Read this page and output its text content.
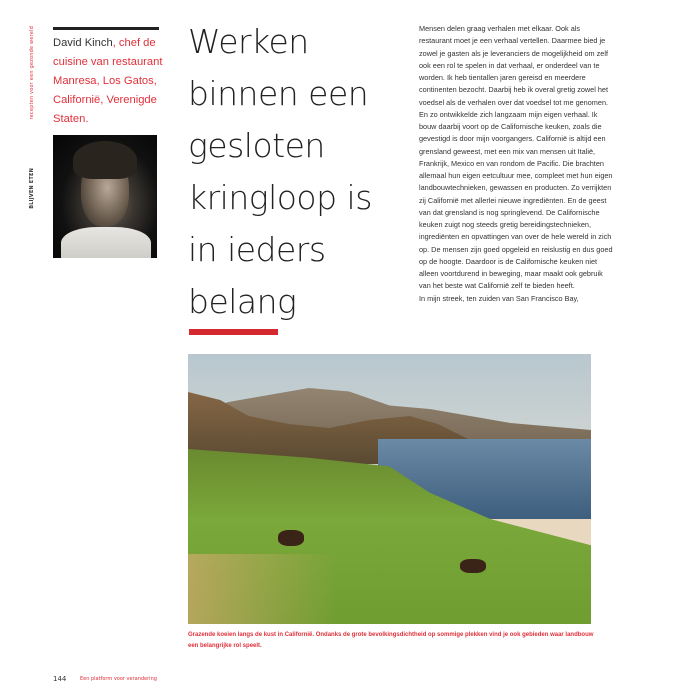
recepten voor een gezonde wereld
BLIJVEN ETEN
David Kinch, chef de cuisine van restaurant Manresa, Los Gatos, Californië, Verenigde Staten.
Werken binnen een gesloten kringloop is in ieders belang
Mensen delen graag verhalen met elkaar. Ook als restaurant moet je een verhaal vertellen. Daarmee bied je zowel je gasten als je leveranciers de mogelijkheid om zelf ook een rol te spelen in dat verhaal, er onderdeel van te worden. Ik heb tientallen jaren gereisd en meerdere continenten bezocht. Daarbij heb ik overal gretig zowel het voedsel als de verhalen over dat voedsel tot me genomen. En zo ontwikkelde zich langzaam mijn eigen verhaal. Ik bouw daarbij voort op de Californische keuken, zoals die gevestigd is door mijn voorgangers. Californië is altijd een grensland geweest, met een mix van mensen uit Italië, Frankrijk, Mexico en van rondom de Pacific. Die brachten allemaal hun eigen eetcultuur mee, compleet met hun eigen landbouwtechnieken, gewassen en producten. Zo verrijkten zij Californië met allerlei nieuwe ingrediënten. En de geest van dat grensland is nog springlevend. De Californische keuken zuigt nog steeds gretig bereidingstechnieken, ingrediënten en opvattingen van over de hele wereld in zich op. De mensen zijn goed opgeleid en reislustig en dus goed op de hoogte. Daardoor is de Californische keuken niet alleen voortdurend in beweging, maar maakt ook gebruik van het beste wat Californië zelf te bieden heeft.
In mijn streek, ten zuiden van San Francisco Bay,
Grazende koeien langs de kust in Californië. Ondanks de grote bevolkingsdichtheid op sommige plekken vind je ook gebieden waar landbouw een belangrijke rol speelt.
144	Een platform voor verandering
